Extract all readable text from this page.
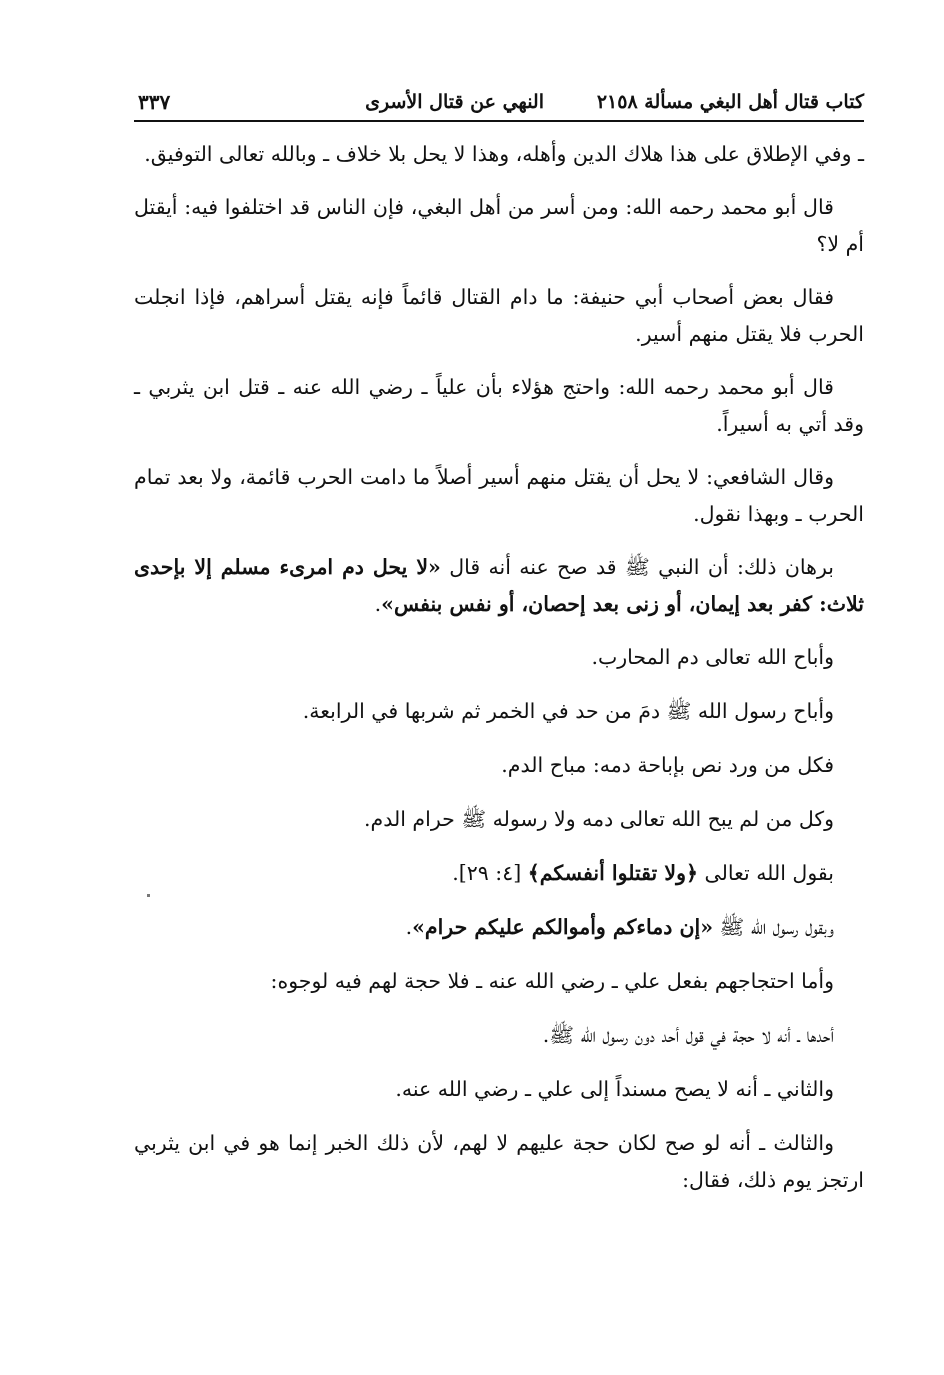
كتاب قتال أهل البغي مسألة ٢١٥٨
النهي عن قتال الأسرى
٣٣٧

ـ وفي الإطلاق على هذا هلاك الدين وأهله، وهذا لا يحل بلا خلاف ـ وبالله تعالى التوفيق.

قال أبو محمد رحمه الله: ومن أسر من أهل البغي، فإن الناس قد اختلفوا فيه: أيقتل أم لا؟

فقال بعض أصحاب أبي حنيفة: ما دام القتال قائماً فإنه يقتل أسراهم، فإذا انجلت الحرب فلا يقتل منهم أسير.

قال أبو محمد رحمه الله: واحتج هؤلاء بأن علياً ـ رضي الله عنه ـ قتل ابن يثربي ـ وقد أتي به أسيراً.

وقال الشافعي: لا يحل أن يقتل منهم أسير أصلاً ما دامت الحرب قائمة، ولا بعد تمام الحرب ـ وبهذا نقول.

برهان ذلك: أن النبي ﷺ قد صح عنه أنه قال «لا يحل دم امرىء مسلم إلا بإحدى ثلاث: كفر بعد إيمان، أو زنى بعد إحصان، أو نفس بنفس».

وأباح الله تعالى دم المحارب.

وأباح رسول الله ﷺ دمَ من حد في الخمر ثم شربها في الرابعة.

فكل من ورد نص بإباحة دمه: مباح الدم.

وكل من لم يبح الله تعالى دمه ولا رسوله ﷺ حرام الدم.

بقول الله تعالى ﴿ولا تقتلوا أنفسكم﴾ [٤: ٢٩].

وبقول رسول الله ﷺ «إن دماءكم وأموالكم عليكم حرام».

وأما احتجاجهم بفعل علي ـ رضي الله عنه ـ فلا حجة لهم فيه لوجوه:

أحدها ـ أنه لا حجة في قول أحد دون رسول الله ﷺ.

والثاني ـ أنه لا يصح مسنداً إلى علي ـ رضي الله عنه.

والثالث ـ أنه لو صح لكان حجة عليهم لا لهم، لأن ذلك الخبر إنما هو في ابن يثربي ارتجز يوم ذلك، فقال:
